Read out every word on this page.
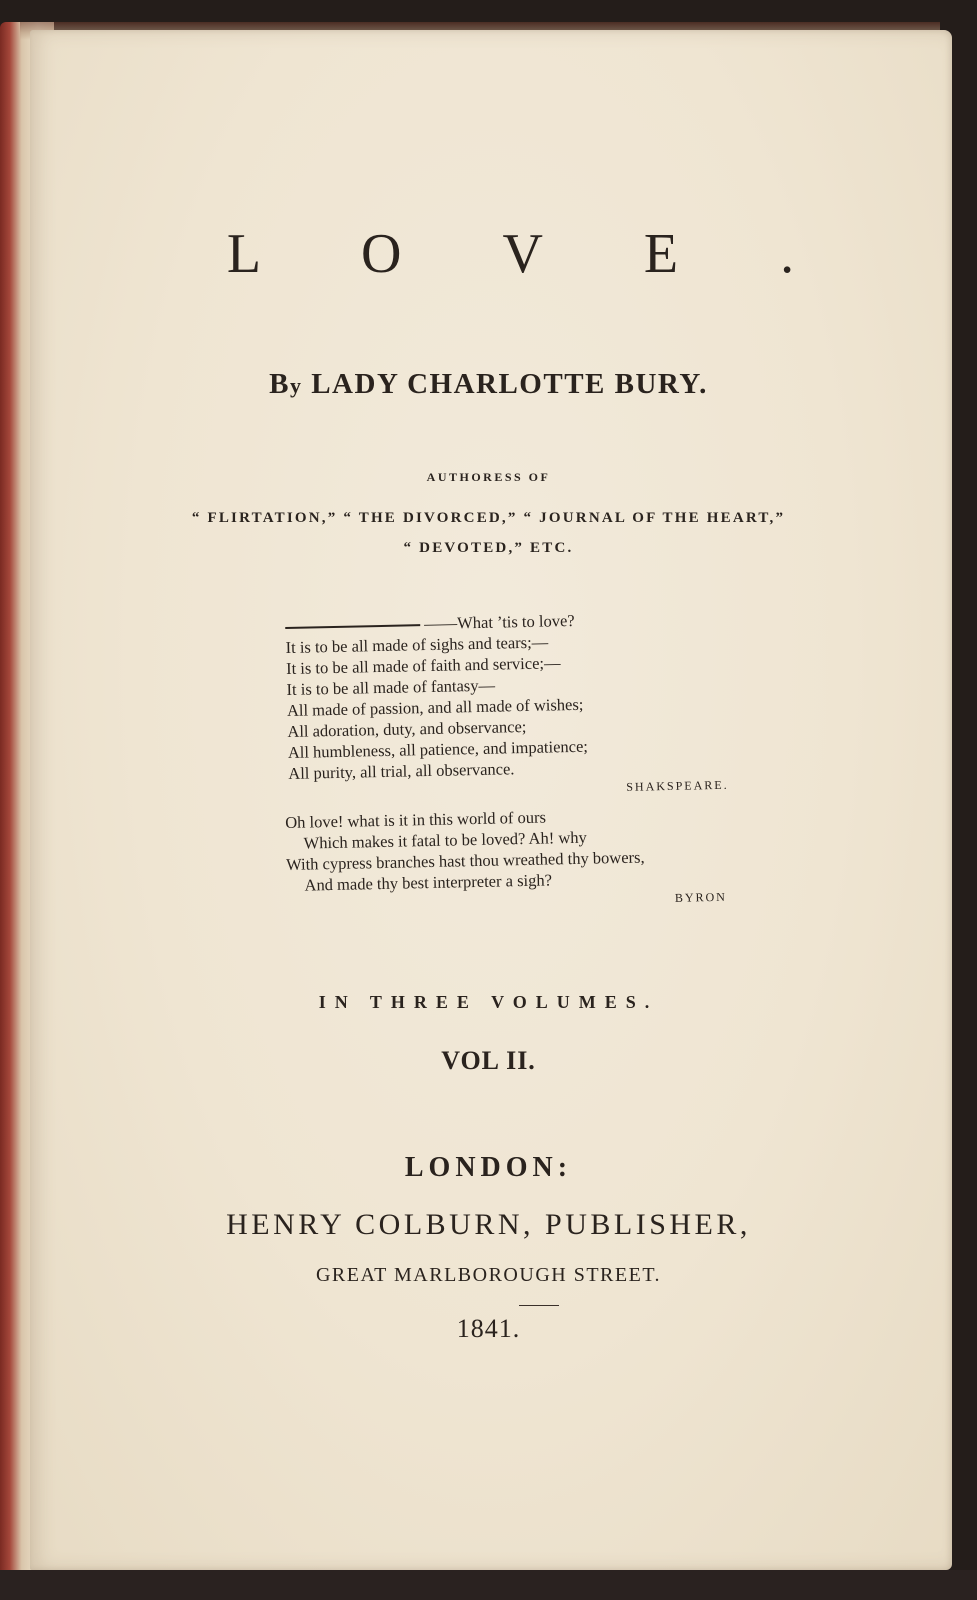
L O V E .
By LADY CHARLOTTE BURY.
AUTHORESS OF
“ FLIRTATION,” “ THE DIVORCED,” “ JOURNAL OF THE HEART,”
“ DEVOTED,” ETC.
——What ’tis to love?
It is to be all made of sighs and tears;—
It is to be all made of faith and service;—
It is to be all made of fantasy—
All made of passion, and all made of wishes;
All adoration, duty, and observance;
All humbleness, all patience, and impatience;
All purity, all trial, all observance.
SHAKSPEARE.
Oh love! what is it in this world of ours
Which makes it fatal to be loved? Ah! why
With cypress branches hast thou wreathed thy bowers,
And made thy best interpreter a sigh?
BYRON
IN THREE VOLUMES.
VOL II.
LONDON:
HENRY COLBURN, PUBLISHER,
GREAT MARLBOROUGH STREET.
1841.
